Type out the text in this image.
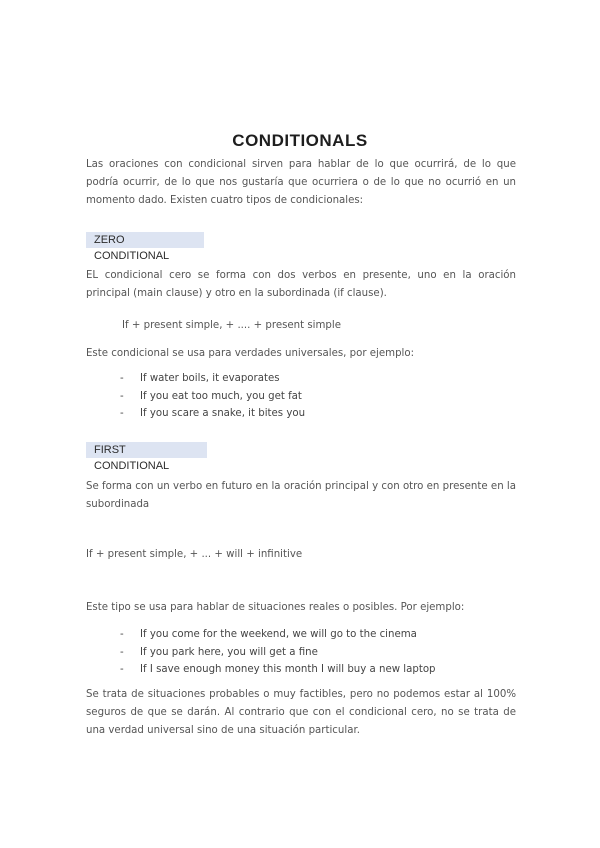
CONDITIONALS
Las oraciones con condicional sirven para hablar de lo que ocurrirá, de lo que podría ocurrir, de lo que nos gustaría que ocurriera o de lo que no ocurrió en un momento dado. Existen cuatro tipos de condicionales:
ZERO CONDITIONAL
EL condicional cero se forma con dos verbos en presente, uno en la oración principal (main clause) y otro en la subordinada (if clause).
If + present simple, + .... + present simple
Este condicional se usa para verdades universales, por ejemplo:
- If water boils, it evaporates
- If you eat too much, you get fat
- If you scare a snake, it bites you
FIRST CONDITIONAL
Se forma con un verbo en futuro en la oración principal y con otro en presente en la subordinada
If + present simple, + ... + will + infinitive
Este tipo se usa para hablar de situaciones reales o posibles. Por ejemplo:
- If you come for the weekend, we will go to the cinema
- If you park here, you will get a fine
- If I save enough money this month I will buy a new laptop
Se trata de situaciones probables o muy factibles, pero no podemos estar al 100% seguros de que se darán. Al contrario que con el condicional cero, no se trata de una verdad universal sino de una situación particular.
